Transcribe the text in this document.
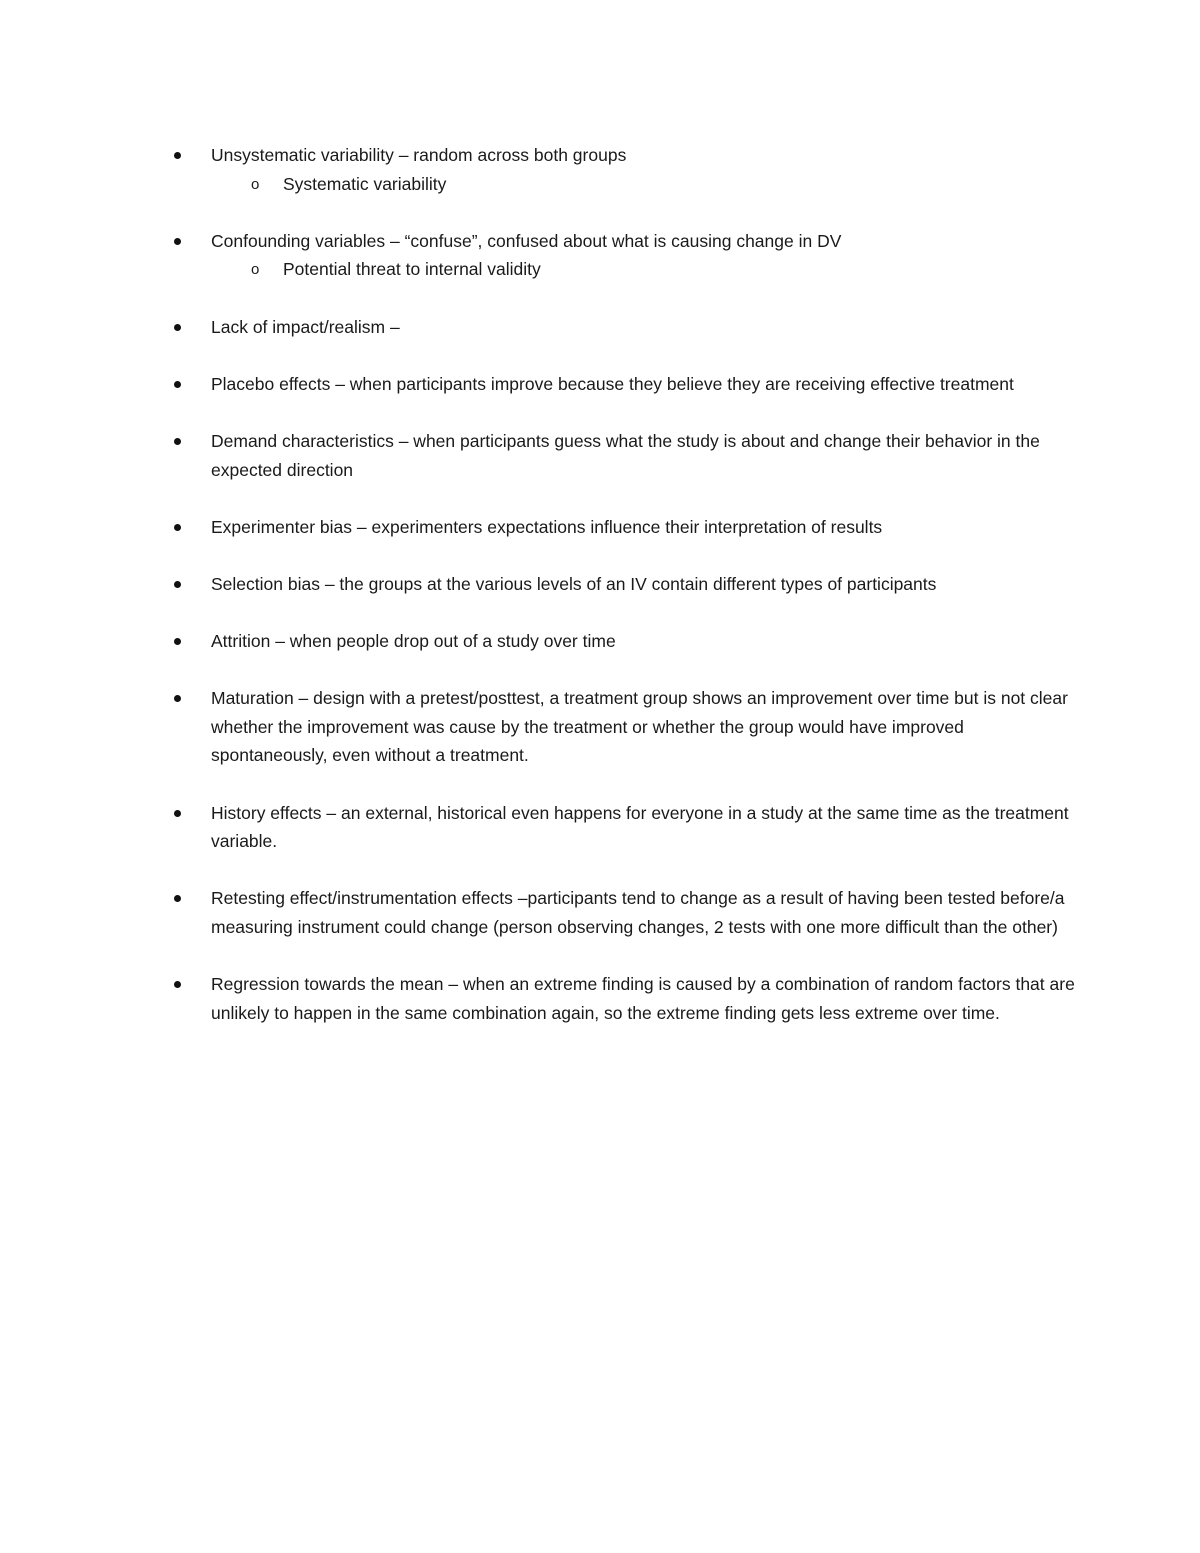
Unsystematic variability – random across both groups
o Systematic variability
Confounding variables – “confuse”, confused about what is causing change in DV
o Potential threat to internal validity
Lack of impact/realism –
Placebo effects – when participants improve because they believe they are receiving effective treatment
Demand characteristics – when participants guess what the study is about and change their behavior in the expected direction
Experimenter bias – experimenters expectations influence their interpretation of results
Selection bias – the groups at the various levels of an IV contain different types of participants
Attrition – when people drop out of a study over time
Maturation – design with a pretest/posttest, a treatment group shows an improvement over time but is not clear whether the improvement was cause by the treatment or whether the group would have improved spontaneously, even without a treatment.
History effects – an external, historical even happens for everyone in a study at the same time as the treatment variable.
Retesting effect/instrumentation effects –participants tend to change as a result of having been tested before/a measuring instrument could change (person observing changes, 2 tests with one more difficult than the other)
Regression towards the mean – when an extreme finding is caused by a combination of random factors that are unlikely to happen in the same combination again, so the extreme finding gets less extreme over time.
